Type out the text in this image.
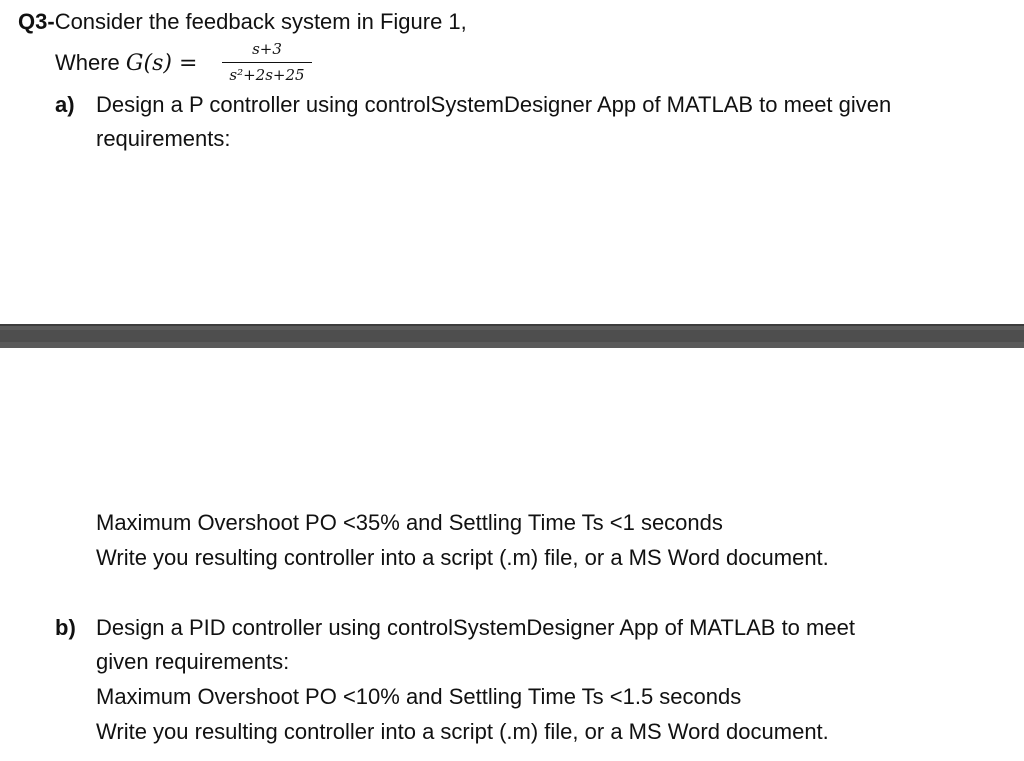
Q3-Consider the feedback system in Figure 1,
Where G(s) =
s+3
s²+2s+25
a) Design a P controller using controlSystemDesigner App of MATLAB to meet given
requirements:
Maximum Overshoot PO <35% and Settling Time Ts <1 seconds
Write you resulting controller into a script (.m) file, or a MS Word document.
b) Design a PID controller using controlSystemDesigner App of MATLAB to meet
given requirements:
Maximum Overshoot PO <10% and Settling Time Ts <1.5 seconds
Write you resulting controller into a script (.m) file, or a MS Word document.
